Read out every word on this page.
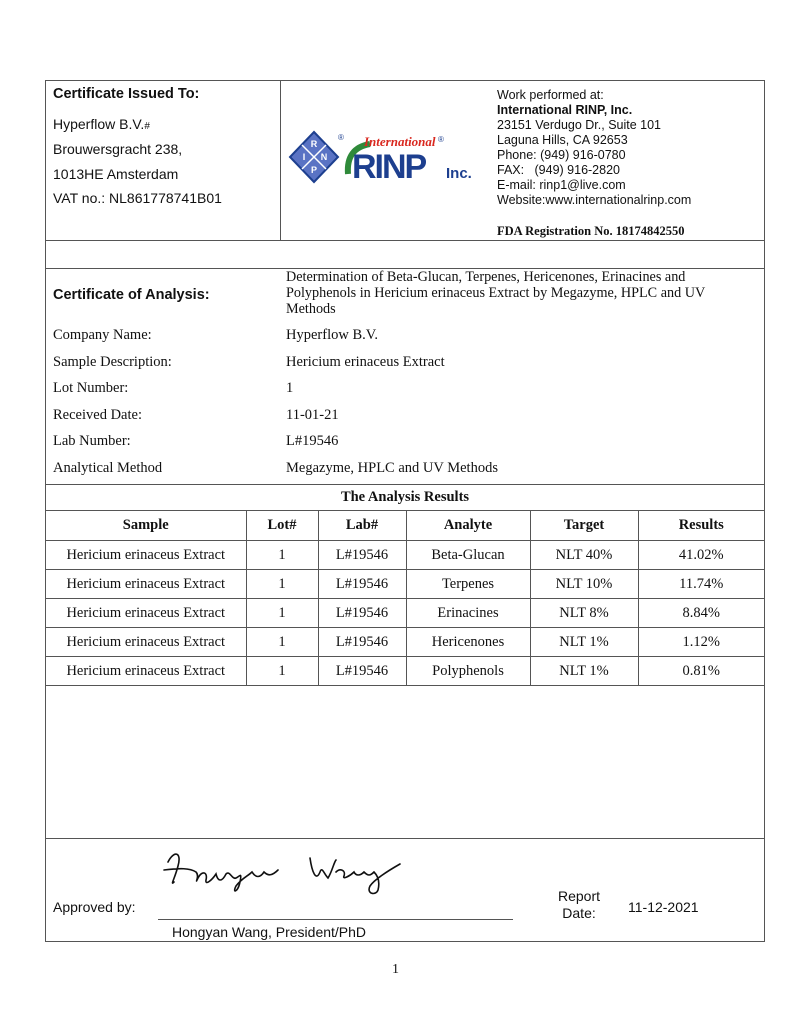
Certificate Issued To:
Hyperflow B.V.#
Brouwersgracht 238,
1013HE Amsterdam
VAT no.: NL861778741B01
R
I N
P
® International ®
RINP Inc.
Work performed at:
International RINP, Inc.
23151 Verdugo Dr., Suite 101
Laguna Hills, CA 92653
Phone: (949) 916-0780
FAX:   (949) 916-2820
E-mail: rinp1@live.com
Website:www.internationalrinp.com
FDA Registration No. 18174842550
Certificate of Analysis:
Determination of Beta-Glucan, Terpenes, Hericenones, Erinacines and Polyphenols in Hericium erinaceus Extract by Megazyme, HPLC and UV Methods
Company Name:	Hyperflow B.V.
Sample Description:	Hericium erinaceus Extract
Lot Number:	1
Received Date:	11-01-21
Lab Number:	L#19546
Analytical Method	Megazyme, HPLC and UV Methods
The Analysis Results
Sample	Lot#	Lab#	Analyte	Target	Results
Hericium erinaceus Extract	1	L#19546	Beta-Glucan	NLT 40%	41.02%
Hericium erinaceus Extract	1	L#19546	Terpenes	NLT 10%	11.74%
Hericium erinaceus Extract	1	L#19546	Erinacines	NLT 8%	8.84%
Hericium erinaceus Extract	1	L#19546	Hericenones	NLT 1%	1.12%
Hericium erinaceus Extract	1	L#19546	Polyphenols	NLT 1%	0.81%
Approved by:
Hongyan Wang, President/PhD
Report
Date:	11-12-2021
1
